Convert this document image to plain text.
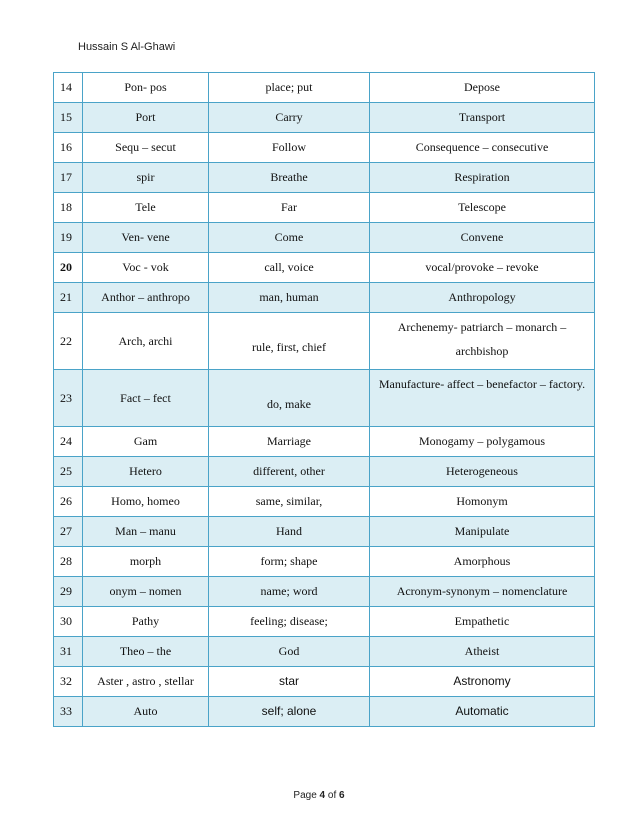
Hussain S Al-Ghawi
14	Pon- pos	place; put	Depose
15	Port	Carry	Transport
16	Sequ – secut	Follow	Consequence – consecutive
17	spir	Breathe	Respiration
18	Tele	Far	Telescope
19	Ven- vene	Come	Convene
20	Voc - vok	call, voice	vocal/provoke – revoke
21	Anthor – anthropo	man, human	Anthropology
22	Arch, archi	rule, first, chief	Archenemy- patriarch – monarch – archbishop
23	Fact – fect	do, make	Manufacture- affect – benefactor – factory.
24	Gam	Marriage	Monogamy – polygamous
25	Hetero	different, other	Heterogeneous
26	Homo, homeo	same, similar,	Homonym
27	Man – manu	Hand	Manipulate
28	morph	form; shape	Amorphous
29	onym – nomen	name; word	Acronym-synonym – nomenclature
30	Pathy	feeling; disease;	Empathetic
31	Theo – the	God	Atheist
32	Aster , astro , stellar	star	Astronomy
33	Auto	self; alone	Automatic
Page 4 of 6
